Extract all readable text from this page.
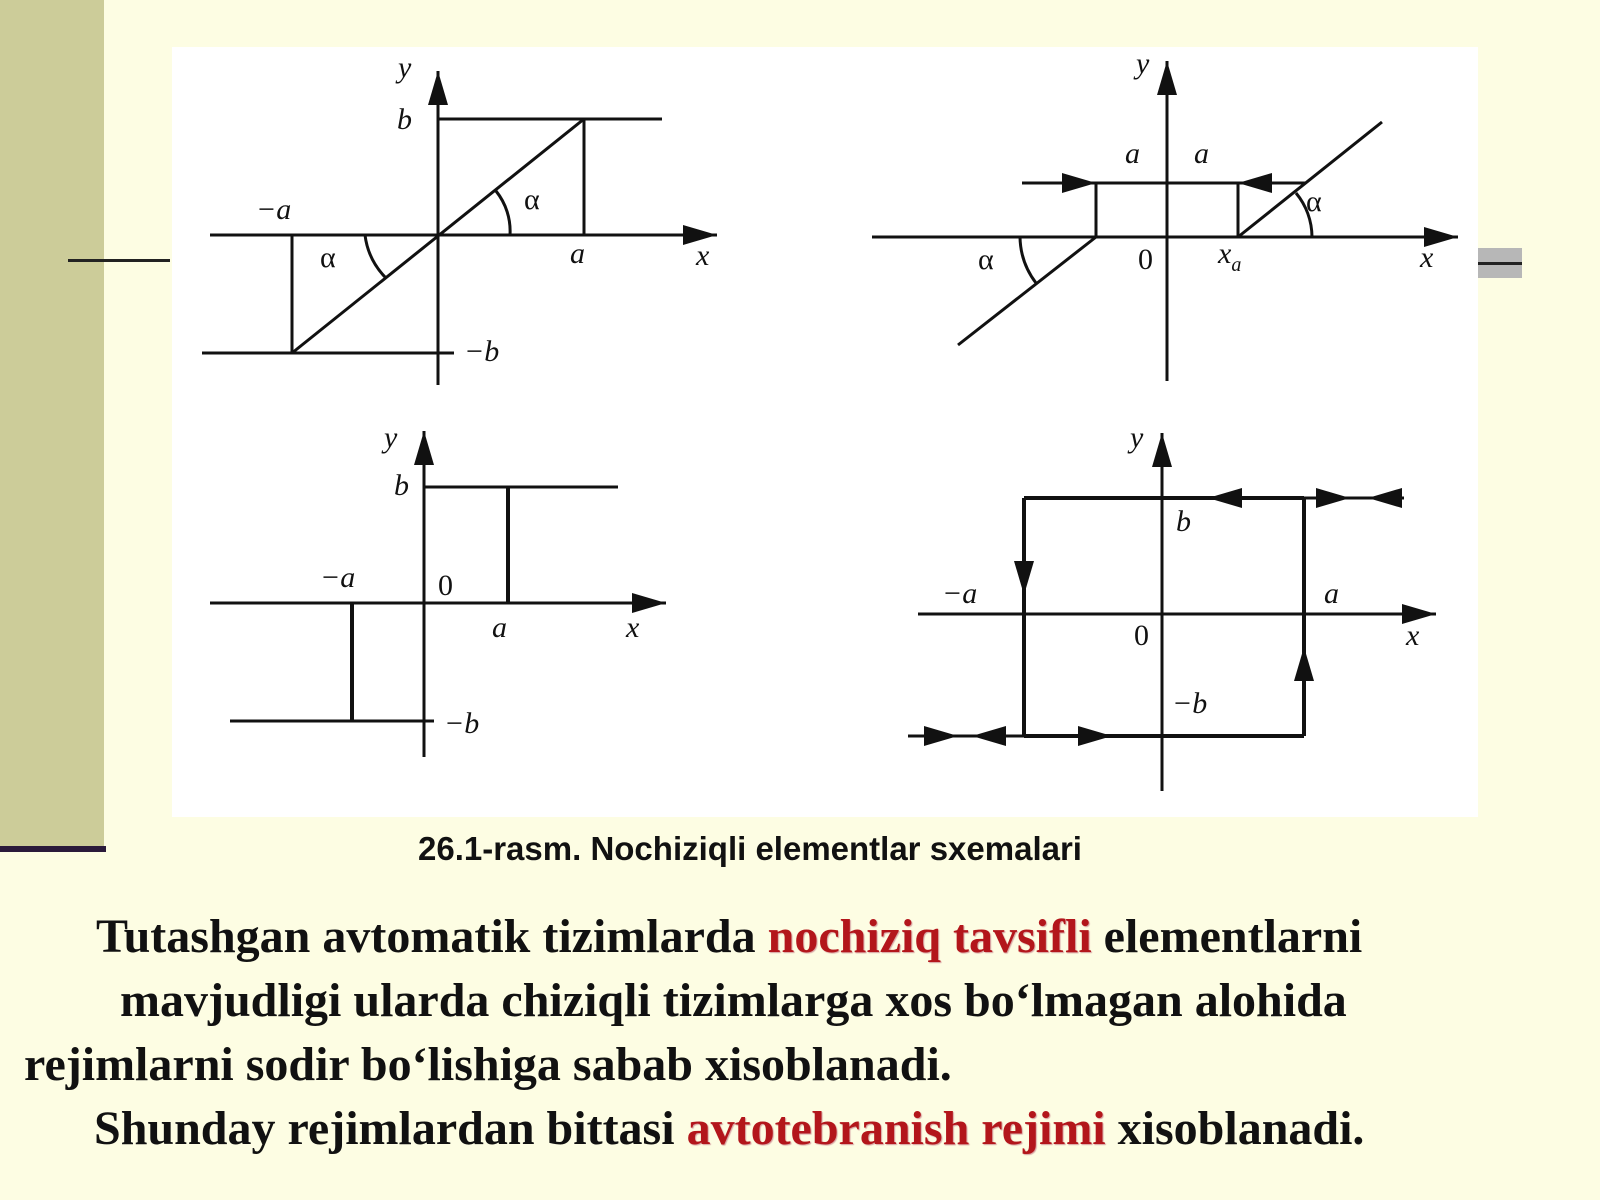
y
x
b
−a
a
−b
α
α
y
x
a a
0 $x_a$
α
α
y
x
b
−a	0
a
−b
y
x
b
−a	a
0
−b
26.1-rasm. Nochiziqli elementlar sxemalari
Tutashgan avtomatik tizimlarda nochiziq tavsifli elementlarni
mavjudligi ularda chiziqli tizimlarga xos bo‘lmagan alohida
rejimlarni sodir bo‘lishiga sabab xisoblanadi.
Shunday rejimlardan bittasi avtotebranish rejimi xisoblanadi.
